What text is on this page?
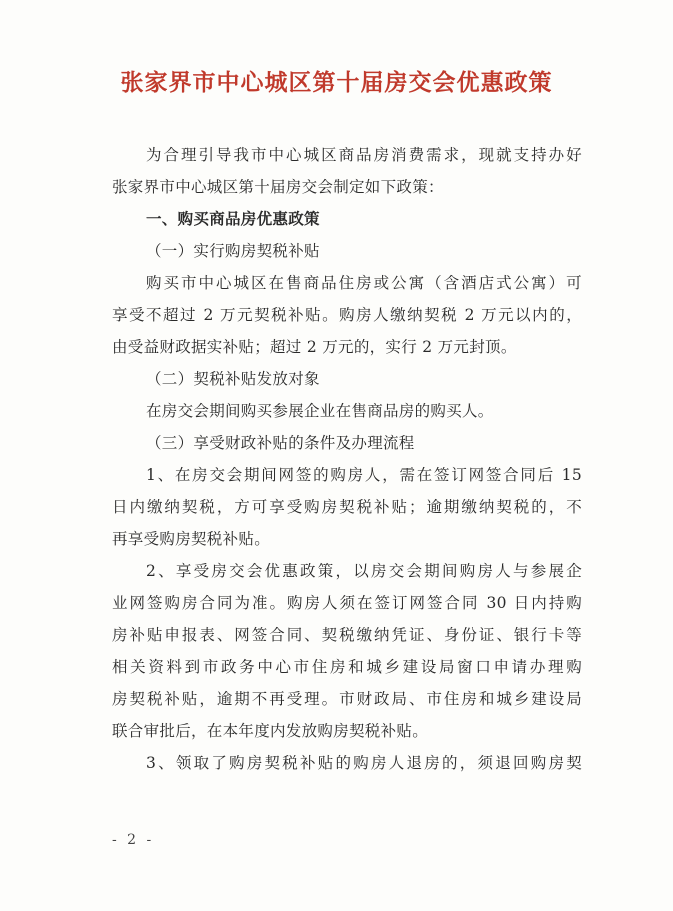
张家界市中心城区第十届房交会优惠政策
为合理引导我市中心城区商品房消费需求，现就支持办好
张家界市中心城区第十届房交会制定如下政策：
一、购买商品房优惠政策
（一）实行购房契税补贴
购买市中心城区在售商品住房或公寓（含酒店式公寓）可
享受不超过 2 万元契税补贴。购房人缴纳契税 2 万元以内的，
由受益财政据实补贴；超过 2 万元的，实行 2 万元封顶。
（二）契税补贴发放对象
在房交会期间购买参展企业在售商品房的购买人。
（三）享受财政补贴的条件及办理流程
1、在房交会期间网签的购房人，需在签订网签合同后 15
日内缴纳契税，方可享受购房契税补贴；逾期缴纳契税的，不
再享受购房契税补贴。
2、享受房交会优惠政策，以房交会期间购房人与参展企
业网签购房合同为准。购房人须在签订网签合同 30 日内持购
房补贴申报表、网签合同、契税缴纳凭证、身份证、银行卡等
相关资料到市政务中心市住房和城乡建设局窗口申请办理购
房契税补贴，逾期不再受理。市财政局、市住房和城乡建设局
联合审批后，在本年度内发放购房契税补贴。
3、领取了购房契税补贴的购房人退房的，须退回购房契
- 2 -
